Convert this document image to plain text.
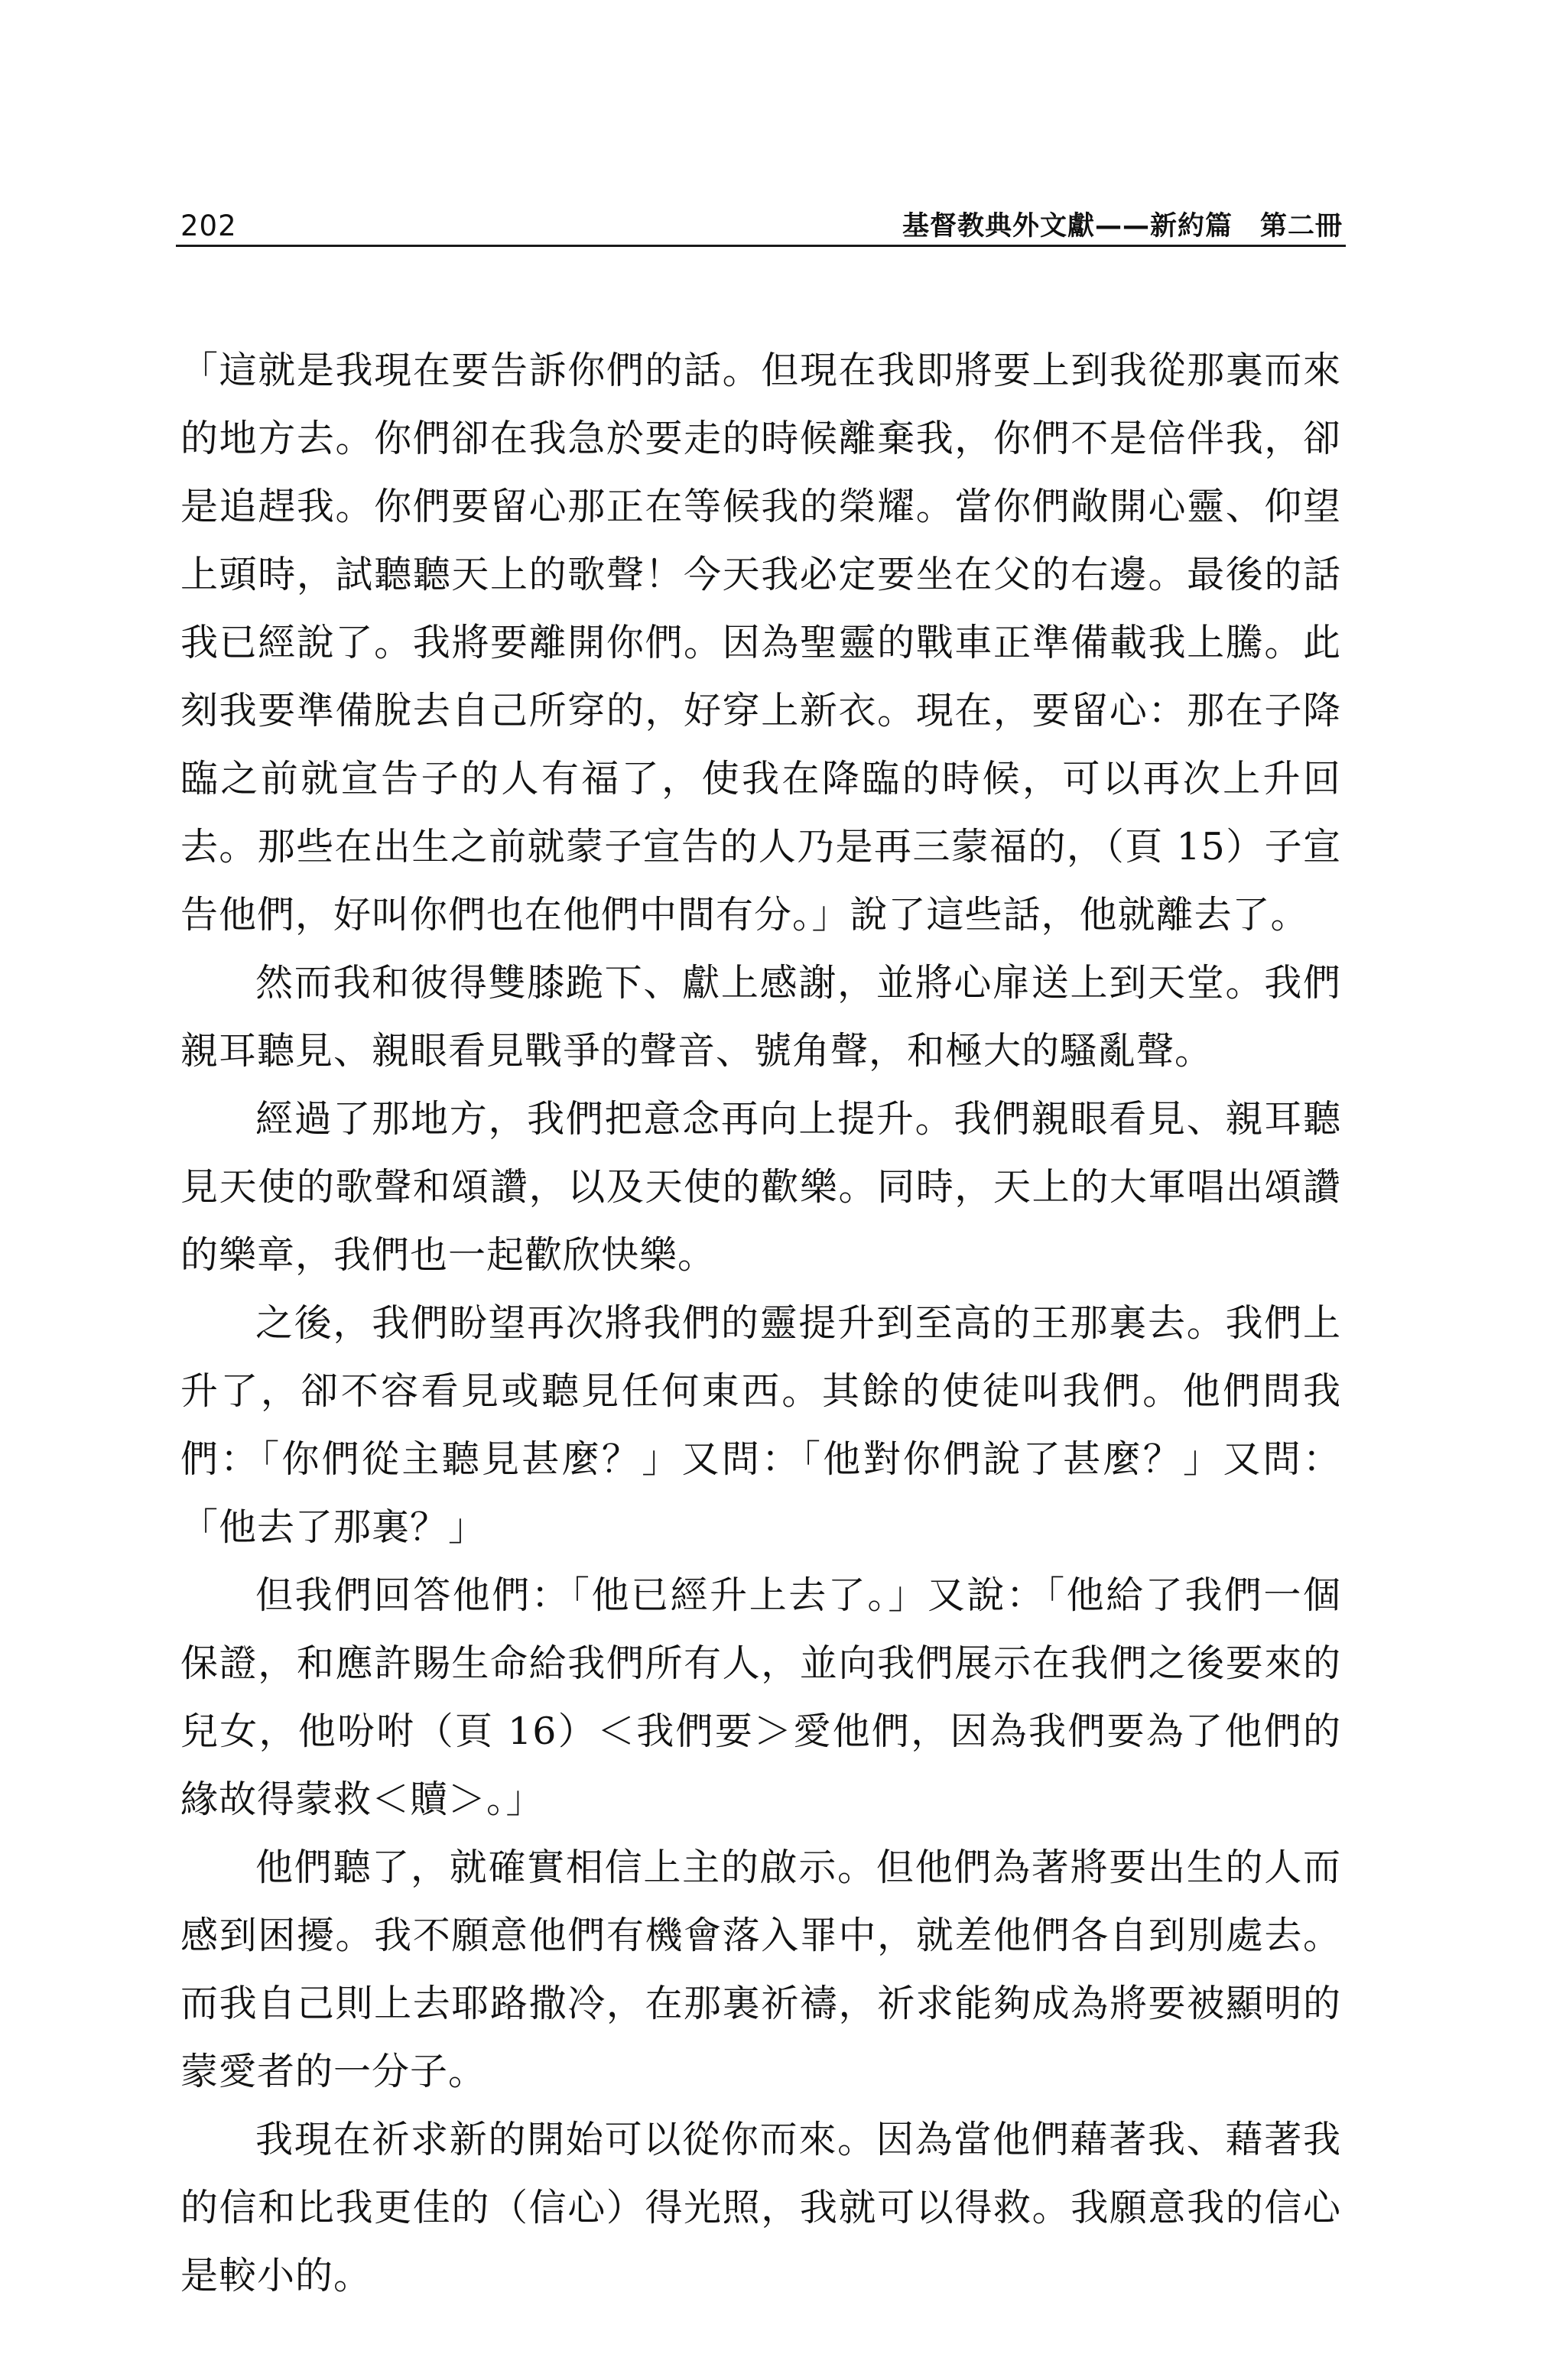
202	基督教典外文獻——新約篇　第二冊

「這就是我現在要告訴你們的話。但現在我即將要上到我從那裏而來的地方去。你們卻在我急於要走的時候離棄我，你們不是倍伴我，卻是追趕我。你們要留心那正在等候我的榮耀。當你們敞開心靈、仰望上頭時，試聽聽天上的歌聲！今天我必定要坐在父的右邊。最後的話我已經說了。我將要離開你們。因為聖靈的戰車正準備載我上騰。此刻我要準備脫去自己所穿的，好穿上新衣。現在，要留心：那在子降臨之前就宣告子的人有福了，使我在降臨的時候，可以再次上升回去。那些在出生之前就蒙子宣告的人乃是再三蒙福的，（頁 15）子宣告他們，好叫你們也在他們中間有分。」說了這些話，他就離去了。

然而我和彼得雙膝跪下、獻上感謝，並將心扉送上到天堂。我們親耳聽見、親眼看見戰爭的聲音、號角聲，和極大的騷亂聲。

經過了那地方，我們把意念再向上提升。我們親眼看見、親耳聽見天使的歌聲和頌讚，以及天使的歡樂。同時，天上的大軍唱出頌讚的樂章，我們也一起歡欣快樂。

之後，我們盼望再次將我們的靈提升到至高的王那裏去。我們上升了，卻不容看見或聽見任何東西。其餘的使徒叫我們。他們問我們：「你們從主聽見甚麼？」又問：「他對你們說了甚麼？」又問：「他去了那裏？」

但我們回答他們：「他已經升上去了。」又說：「他給了我們一個保證，和應許賜生命給我們所有人，並向我們展示在我們之後要來的兒女，他吩咐（頁 16）＜我們要＞愛他們，因為我們要為了他們的緣故得蒙救＜贖＞。」

他們聽了，就確實相信上主的啟示。但他們為著將要出生的人而感到困擾。我不願意他們有機會落入罪中，就差他們各自到別處去。而我自己則上去耶路撒冷，在那裏祈禱，祈求能夠成為將要被顯明的蒙愛者的一分子。

我現在祈求新的開始可以從你而來。因為當他們藉著我、藉著我的信和比我更佳的（信心）得光照，我就可以得救。我願意我的信心是較小的。
